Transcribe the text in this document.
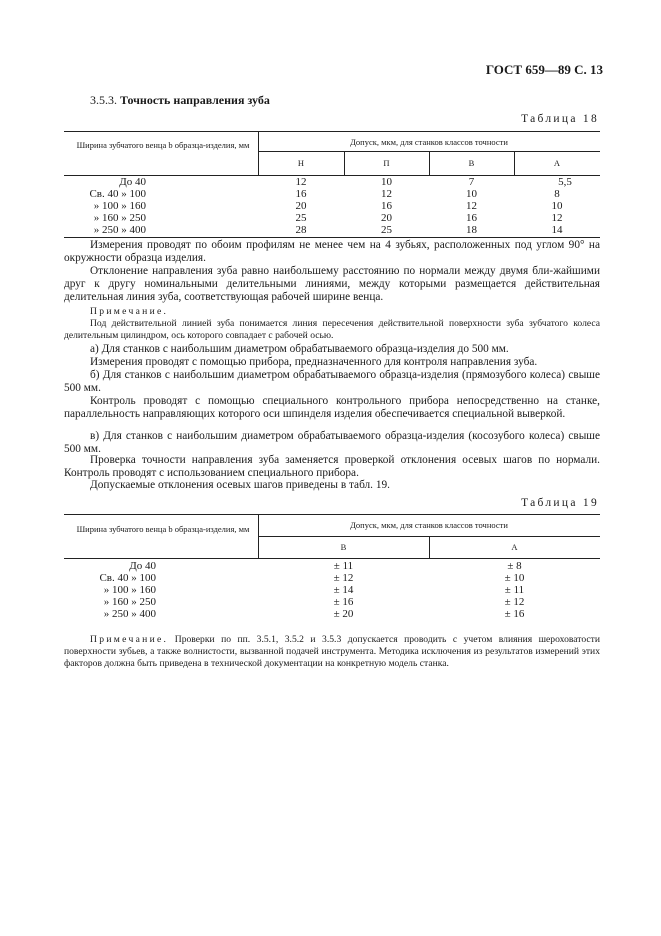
ГОСТ 659—89 С. 13
3.5.3. Точность направления зуба
Таблица 18
Ширина зубчатого венца b образца-изделия, мм	Допуск, мкм, для станков классов точности
Н	П	В	А
До 40	12	10	7	5,5
Св. 40 » 100	16	12	10	8
» 100 » 160	20	16	12	10
» 160 » 250	25	20	16	12
» 250 » 400	28	25	18	14
Измерения проводят по обоим профилям не менее чем на 4 зубьях, расположенных под углом 90° на окружности образца изделия.
Отклонение направления зуба равно наибольшему расстоянию по нормали между двумя бли-жайшими друг к другу номинальными делительными линиями, между которыми размещается действительная делительная линия зуба, соответствующая рабочей ширине венца.
Примечание.
Под действительной линией зуба понимается линия пересечения действительной поверхности зуба зубчатого колеса делительным цилиндром, ось которого совпадает с рабочей осью.
а) Для станков с наибольшим диаметром обрабатываемого образца-изделия до 500 мм.
Измерения проводят с помощью прибора, предназначенного для контроля направления зуба.
б) Для станков с наибольшим диаметром обрабатываемого образца-изделия (прямозубого колеса) свыше 500 мм.
Контроль проводят с помощью специального контрольного прибора непосредственно на станке, параллельность направляющих которого оси шпинделя изделия обеспечивается специальной выверкой.
в) Для станков с наибольшим диаметром обрабатываемого образца-изделия (косозубого колеса) свыше 500 мм.
Проверка точности направления зуба заменяется проверкой отклонения осевых шагов по нормали. Контроль проводят с использованием специального прибора.
Допускаемые отклонения осевых шагов приведены в табл. 19.
Таблица 19
Ширина зубчатого венца b образца-изделия, мм	Допуск, мкм, для станков классов точности
В	А
До 40	± 11	± 8
Св. 40 » 100	± 12	± 10
» 100 » 160	± 14	± 11
» 160 » 250	± 16	± 12
» 250 » 400	± 20	± 16
Примечание. Проверки по пп. 3.5.1, 3.5.2 и 3.5.3 допускается проводить с учетом влияния шероховатости поверхности зубьев, а также волнистости, вызванной подачей инструмента. Методика исключения из результатов измерений этих факторов должна быть приведена в технической документации на конкретную модель станка.
